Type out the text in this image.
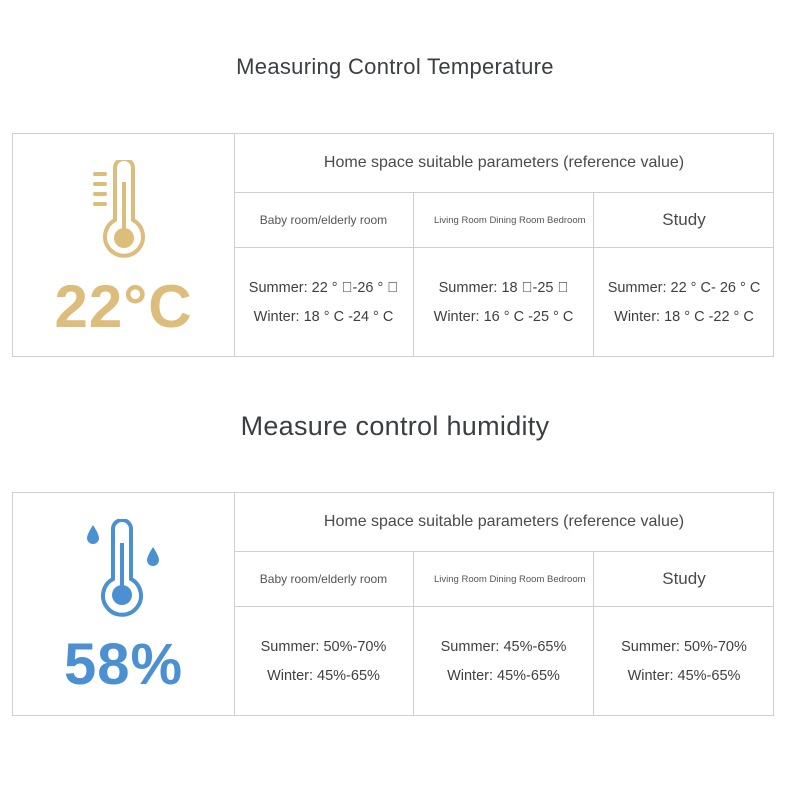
Measuring Control Temperature
22°C
Home space suitable parameters (reference value)
Baby room/elderly room
Summer: 22 ° ⃞-26 ° ⃞
Winter: 18 ° C -24 ° C
Living Room Dining Room Bedroom
Summer: 18 ⃞-25 ⃞
Winter: 16 ° C -25 ° C
Study
Summer: 22 ° C- 26 ° C
Winter: 18 ° C -22 ° C
Measure control humidity
58%
Home space suitable parameters (reference value)
Baby room/elderly room
Summer: 50%-70%
Winter: 45%-65%
Living Room Dining Room Bedroom
Summer: 45%-65%
Winter: 45%-65%
Study
Summer: 50%-70%
Winter: 45%-65%
